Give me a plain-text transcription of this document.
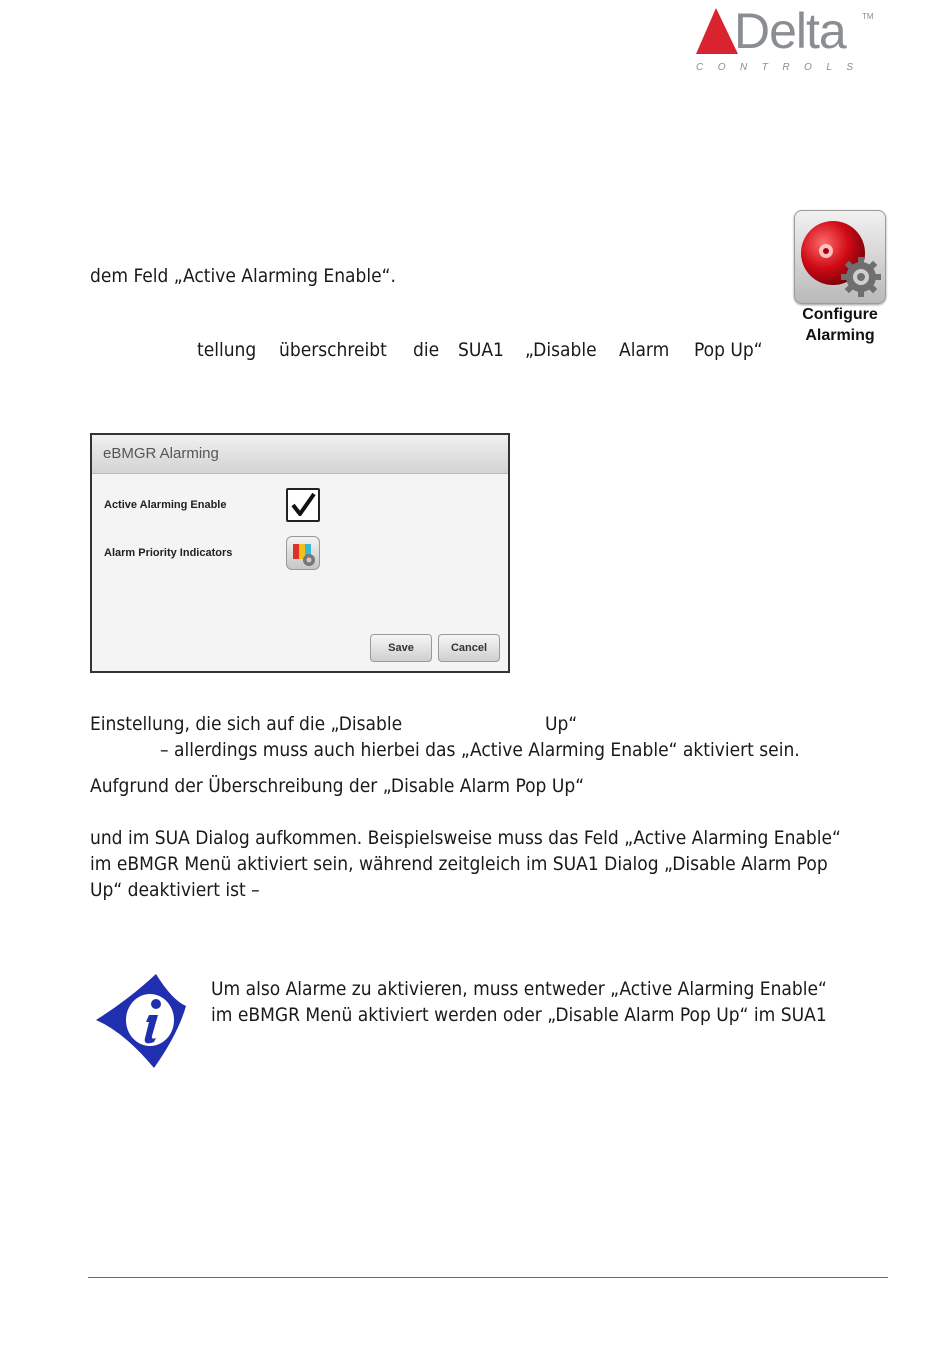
Delta TM
CONTROLS
dem Feld „Active Alarming Enable“.
tellung überschreibt die SUA1 „Disable Alarm Pop Up“
Configure
Alarming
eBMGR Alarming
Active Alarming Enable
Alarm Priority Indicators
Save	Cancel
Einstellung, die sich auf die „Disable	Up“
– allerdings muss auch hierbei das „Active Alarming Enable“ aktiviert sein.
Aufgrund der Überschreibung der „Disable Alarm Pop Up“
und im SUA Dialog aufkommen. Beispielsweise muss das Feld „Active Alarming Enable“
im eBMGR Menü aktiviert sein, während zeitgleich im SUA1 Dialog „Disable Alarm Pop
Up“ deaktiviert ist –
Um also Alarme zu aktivieren, muss entweder „Active Alarming Enable“
im eBMGR Menü aktiviert werden oder „Disable Alarm Pop Up“ im SUA1
